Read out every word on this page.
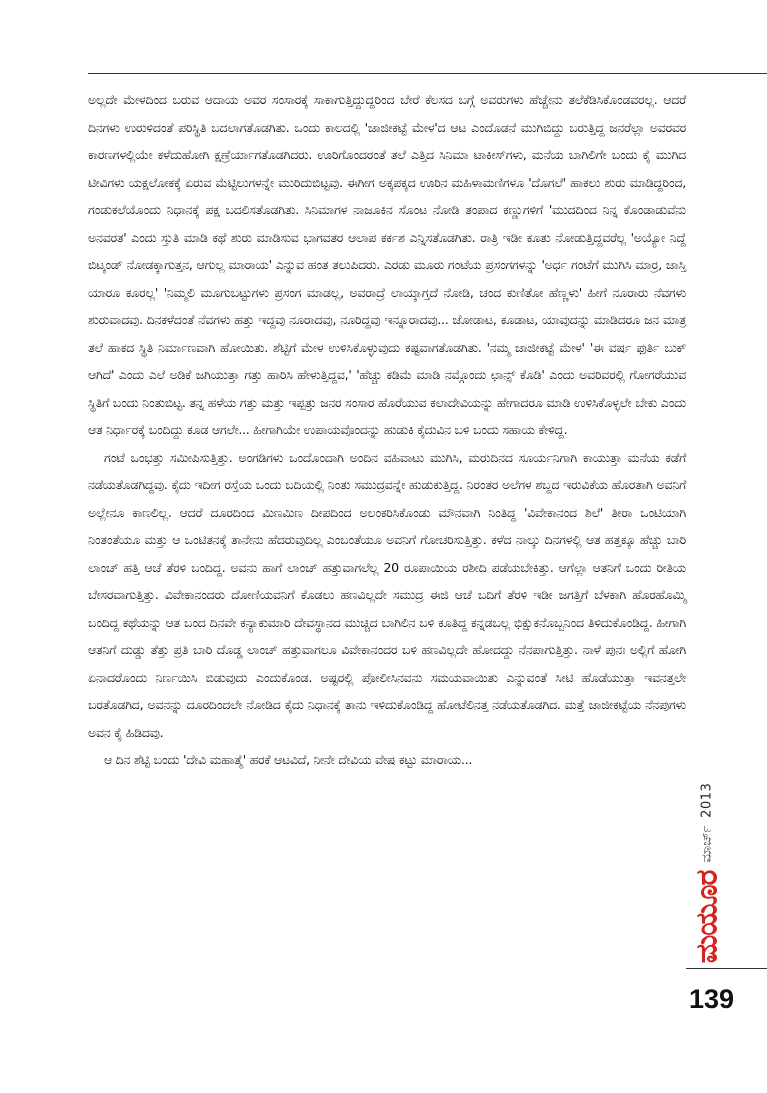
ಅಲ್ಲದೇ ಮೇಳದಿಂದ ಬರುವ ಆದಾಯ ಅವರ ಸಂಸಾರಕ್ಕೆ ಸಾಕಾಗುತ್ತಿದ್ದುದ್ದರಿಂದ ಬೇರೆ ಕೆಲಸದ ಬಗ್ಗೆ ಅವರುಗಳು ಹೆಚ್ಚೇನು ತಲೆಕೆಡಿಸಿಕೊಂಡವರಲ್ಲ. ಆದರೆ ದಿನಗಳು ಉರುಳಿದಂತೆ ಪರಿಸ್ಥಿತಿ ಬದಲಾಗತೊಡಗಿತು. ಒಂದು ಕಾಲದಲ್ಲಿ 'ಜಾಜೀಕಟ್ಟೆ ಮೇಳ'ದ ಆಟ ಎಂದೊಡನೆ ಮುಗಿಬಿದ್ದು ಬರುತ್ತಿದ್ದ ಜನರೆಲ್ಲಾ ಅವರವರ ಕಾರಣಗಳಲ್ಲಿಯೇ ಕಳೆದುಹೋಗಿ ಕ್ಷಣ್ರೆರ್ಯಾಗತೊಡಗಿದರು. ಊರಿಗೊಂದರಂತೆ ತಲೆ ಎತ್ತಿದ ಸಿನಿಮಾ ಟಾಕೀಸ್‌ಗಳು, ಮನೆಯ ಬಾಗಿಲಿಗೇ ಬಂದು ಕೈ ಮುಗಿದ ಟೀವಿಗಳು ಯಕ್ಷಲೋಕಕ್ಕೆ ಏರುವ ಮೆಟ್ಟಿಲುಗಳನ್ನೇ ಮುರಿದುಬಿಟ್ಟವು. ಈಗೀಗ ಅಕ್ಕಪಕ್ಕದ ಊರಿನ ಮಹಿಳಾಮಣಿಗಳೂ 'ದೊಗಲೆ' ಹಾಕಲು ಶುರು ಮಾಡಿದ್ದರಿಂದ, ಗಂಡುಕಲೆಯೊಂದು ನಿಧಾನಕ್ಕೆ ಪಕ್ಷ ಬದಲಿಸತೊಡಗಿತು. ಸಿನಿಮಾಗಳ ನಾಜೂಕಿನ ಸೊಂಟ ನೋಡಿ ತಂಪಾದ ಕಣ್ಣುಗಳಿಗೆ 'ಮುದದಿಂದ ನಿನ್ನ ಕೊಂಡಾಡುವೆನು ಅನವರತ' ಎಂದು ಸ್ತುತಿ ಮಾಡಿ ಕಥೆ ಶುರು ಮಾಡಿಸುವ ಭಾಗವತರ ಆಲಾಪ ಕರ್ಕಶ ಎನ್ನಿಸತೊಡಗಿತು. ರಾತ್ರಿ ಇಡೀ ಕೂತು ನೋಡುತ್ತಿದ್ದವರೆಲ್ಲ 'ಅಯ್ಯೋ ನಿದ್ದೆ ಬಿಟ್ಕಂಡ್ ನೋಡಕ್ಕಾಗುತ್ತನ, ಆಗುಲ್ಲ ಮಾರಾಯ' ಎನ್ನುವ ಹಂತ ತಲುಪಿದರು. ಎರಡು ಮೂರು ಗಂಟೆಯ ಪ್ರಸಂಗಗಳನ್ನು 'ಅರ್ಧ ಗಂಟೆಗೆ ಮುಗಿಸಿ ಮಾರ್ರ, ಜಾಸ್ತಿ ಯಾರೂ ಕೂರಲ್ಲ' 'ನಿಮ್ಮಲಿ ಮೂಗುಬಟ್ಟುಗಳು ಪ್ರಸಂಗ ಮಾಡಲ್ಲ, ಅವರಾದ್ರೆ ಲಾಯ್ಕಾಗ್ತದೆ ನೋಡಿ, ಚಂದ ಕುಣಿತೋ ಹೆಣ್ಣಳು' ಹೀಗೆ ನೂರಾರು ನೆವಗಳು ಶುರುವಾದವು. ದಿನಕಳೆದಂತೆ ನೆವಗಳು ಹತ್ತು ಇದ್ದವು ನೂರಾದವು, ನೂರಿದ್ದವು ಇನ್ನೂರಾದವು... ಜೋಡಾಟ, ಕೂಡಾಟ, ಯಾವುದನ್ನು ಮಾಡಿದರೂ ಜನ ಮಾತ್ರ ತಲೆ ಹಾಕದ ಸ್ಥಿತಿ ನಿರ್ಮಾಣವಾಗಿ ಹೋಯಿತು. ಶೆಟ್ಟಿಗೆ ಮೇಳ ಉಳಿಸಿಕೊಳ್ಳುವುದು ಕಷ್ಟವಾಗತೊಡಗಿತು. 'ನಮ್ಮ ಜಾಜೀಕಟ್ಟೆ ಮೇಳ' 'ಈ ವರ್ಷ ಫುರ್ತಿ ಬುಕ್ ಆಗಿದೆ' ಎಂದು ಎಲೆ ಅಡಿಕೆ ಜಗಿಯುತ್ತಾ ಗತ್ತು ಹಾರಿಸಿ ಹೇಳುತ್ತಿದ್ದವ,' 'ಹೆಚ್ಚು ಕಡಿಮೆ ಮಾಡಿ ನಮ್ಗೊಂದು ಛಾನ್ಸ್ ಕೊಡಿ' ಎಂದು ಅವರಿವರಲ್ಲಿ ಗೋಗರೆಯುವ ಸ್ಥಿತಿಗೆ ಬಂದು ನಿಂತುಬಿಟ್ಟ. ತನ್ನ ಹಳೆಯ ಗತ್ತು ಮತ್ತು ಇಪ್ಪತ್ತು ಜನರ ಸಂಸಾರ ಹೊರೆಯುವ ಕಲಾದೇವಿಯನ್ನು ಹೇಗಾದರೂ ಮಾಡಿ ಉಳಿಸಿಕೊಳ್ಳಲೇ ಬೇಕು ಎಂದು ಆತ ನಿರ್ಧಾರಕ್ಕೆ ಬಂದಿದ್ದು ಕೂಡ ಆಗಲೇ... ಹೀಗಾಗಿಯೇ ಉಪಾಯವೊಂದನ್ನು ಹುಡುಕಿ ಕೈದುವಿನ ಬಳಿ ಬಂದು ಸಹಾಯ ಕೇಳಿದ್ದ.

ಗಂಟೆ ಒಂಭತ್ತು ಸಮೀಪಿಸುತ್ತಿತ್ತು. ಅಂಗಡಿಗಳು ಒಂದೊಂದಾಗಿ ಅಂದಿನ ವಹಿವಾಟು ಮುಗಿಸಿ, ಮರುದಿನದ ಸೂರ್ಯನಿಗಾಗಿ ಕಾಯುತ್ತಾ ಮನೆಯ ಕಡೆಗೆ ನಡೆಯತೊಡಗಿದ್ದವು. ಕೈದು ಇದೀಗ ರಸ್ತೆಯ ಒಂದು ಬದಿಯಲ್ಲಿ ನಿಂತು ಸಮುದ್ರವನ್ನೇ ಹುಡುಕುತ್ತಿದ್ದ. ನಿರಂತರ ಅಲೆಗಳ ಶಬ್ದದ ಇರುವಿಕೆಯ ಹೊರತಾಗಿ ಅವನಿಗೆ ಅಲ್ಲೇನೂ ಕಾಣಲಿಲ್ಲ. ಆದರೆ ದೂರದಿಂದ ಮಿಣಮಿಣ ದೀಪದಿಂದ ಅಲಂಕರಿಸಿಕೊಂಡು ಮೌನವಾಗಿ ನಿಂತಿದ್ದ 'ವಿವೇಕಾನಂದ ಶಿಲೆ' ತೀರಾ ಒಂಟಿಯಾಗಿ ನಿಂತಂತೆಯೂ ಮತ್ತು ಆ ಒಂಟಿತನಕ್ಕೆ ತಾನೇನು ಹೆದರುವುದಿಲ್ಲ ಎಂಬಂತೆಯೂ ಅವನಿಗೆ ಗೋಚರಿಸುತ್ತಿತ್ತು. ಕಳೆದ ನಾಲ್ಕು ದಿನಗಳಲ್ಲಿ ಆತ ಹತ್ತಕ್ಕೂ ಹೆಚ್ಚು ಬಾರಿ ಲಾಂಚ್ ಹತ್ತಿ ಆಚೆ ತೆರಳಿ ಬಂದಿದ್ದ. ಅವನು ಹಾಗೆ ಲಾಂಚ್ ಹತ್ತುವಾಗಲೆಲ್ಲ 20 ರೂಪಾಯಿಯ ರಶೀದಿ ಪಡೆಯಬೇಕಿತ್ತು. ಆಗೆಲ್ಲಾ ಆತನಿಗೆ ಒಂದು ರೀತಿಯ ಬೇಸರವಾಗುತ್ತಿತ್ತು. ವಿವೇಕಾನಂದರು ದೋಣಿಯವನಿಗೆ ಕೊಡಲು ಹಣವಿಲ್ಲದೇ ಸಮುದ್ರ ಈಜಿ ಆಚೆ ಬದಿಗೆ ತೆರಳಿ ಇಡೀ ಜಗತ್ತಿಗೆ ಬೆಳಕಾಗಿ ಹೊರಹೊಮ್ಮಿ ಬಂದಿದ್ದ ಕಥೆಯನ್ನು ಆತ ಬಂದ ದಿನವೇ ಕನ್ಯಾಕುಮಾರಿ ದೇವಸ್ಥಾನದ ಮುಚ್ಚಿದ ಬಾಗಿಲಿನ ಬಳಿ ಕೂತಿದ್ದ ಕನ್ನಡಬಲ್ಲ ಭಿಕ್ಷುಕನೊಬ್ಬನಿಂದ ತಿಳಿದುಕೊಂಡಿದ್ದ. ಹೀಗಾಗಿ ಆತನಿಗೆ ದುಡ್ಡು ತೆತ್ತು ಪ್ರತಿ ಬಾರಿ ದೊಡ್ಡ ಲಾಂಚ್ ಹತ್ತುವಾಗಲೂ ವಿವೇಕಾನಂದರ ಬಳಿ ಹಣವಿಲ್ಲದೇ ಹೋದದ್ದು ನೆನಪಾಗುತ್ತಿತ್ತು. ನಾಳೆ ಪುನಃ ಅಲ್ಲಿಗೆ ಹೋಗಿ ಏನಾದರೊಂದು ನಿರ್ಣಯಿಸಿ ಬಿಡುವುದು ಎಂದುಕೊಂಡ. ಅಷ್ಟರಲ್ಲಿ ಪೋಲೀಸಿನವನು ಸಮಯವಾಯಿತು ಎನ್ನುವಂತೆ ಸೀಟಿ ಹೊಡೆಯುತ್ತಾ ಇವನತ್ತಲೇ ಬರತೊಡಗಿದ, ಅವನನ್ನು ದೂರದಿಂದಲೇ ನೋಡಿದ ಕೈದು ನಿಧಾನಕ್ಕೆ ತಾನು ಇಳಿದುಕೊಂಡಿದ್ದ ಹೋಟೆಲಿನತ್ತ ನಡೆಯತೊಡಗಿದ. ಮತ್ತೆ ಜಾಜೀಕಟ್ಟೆಯ ನೆನಪುಗಳು ಅವನ ಕೈ ಹಿಡಿದವು.

ಆ ದಿನ ಶೆಟ್ಟಿ ಬಂದು 'ದೇವಿ ಮಹಾತ್ಮೆ' ಹರಕೆ ಆಟವಿದೆ, ನೀನೇ ದೇವಿಯ ವೇಷ ಕಟ್ಟು ಮಾರಾಯ...

ಮಯೂರ
ಮಾರ್ಚ್
2013
139
